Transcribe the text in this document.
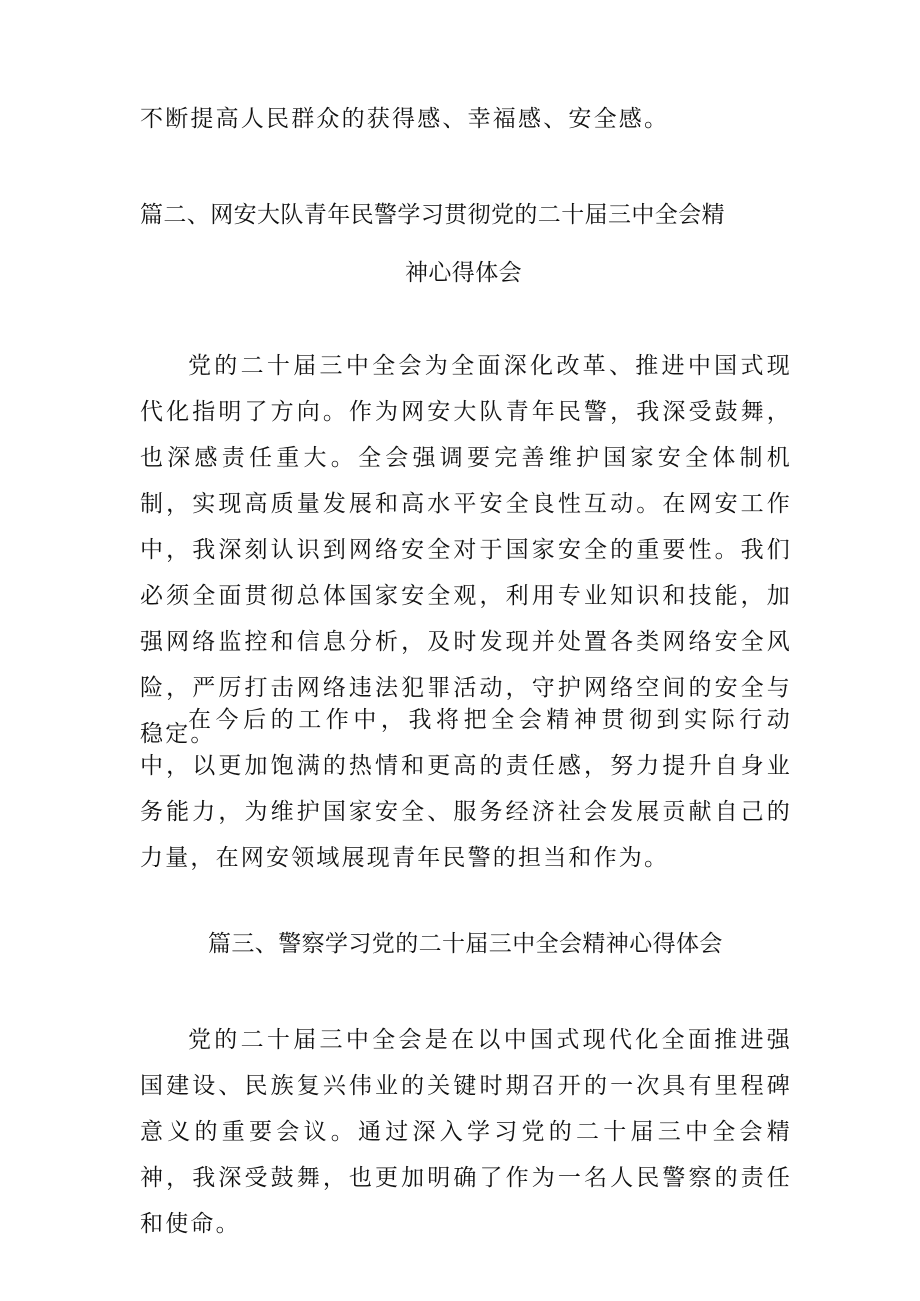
不断提高人民群众的获得感、幸福感、安全感。
篇二、网安大队青年民警学习贯彻党的二十届三中全会精
神心得体会

党的二十届三中全会为全面深化改革、推进中国式现代化指明了方向。作为网安大队青年民警，我深受鼓舞，也深感责任重大。全会强调要完善维护国家安全体制机制，实现高质量发展和高水平安全良性互动。在网安工作中，我深刻认识到网络安全对于国家安全的重要性。我们必须全面贯彻总体国家安全观，利用专业知识和技能，加强网络监控和信息分析，及时发现并处置各类网络安全风险，严厉打击网络违法犯罪活动，守护网络空间的安全与稳定。

在今后的工作中，我将把全会精神贯彻到实际行动中，以更加饱满的热情和更高的责任感，努力提升自身业务能力，为维护国家安全、服务经济社会发展贡献自己的力量，在网安领域展现青年民警的担当和作为。

篇三、警察学习党的二十届三中全会精神心得体会

党的二十届三中全会是在以中国式现代化全面推进强国建设、民族复兴伟业的关键时期召开的一次具有里程碑意义的重要会议。通过深入学习党的二十届三中全会精神，我深受鼓舞，也更加明确了作为一名人民警察的责任和使命。
